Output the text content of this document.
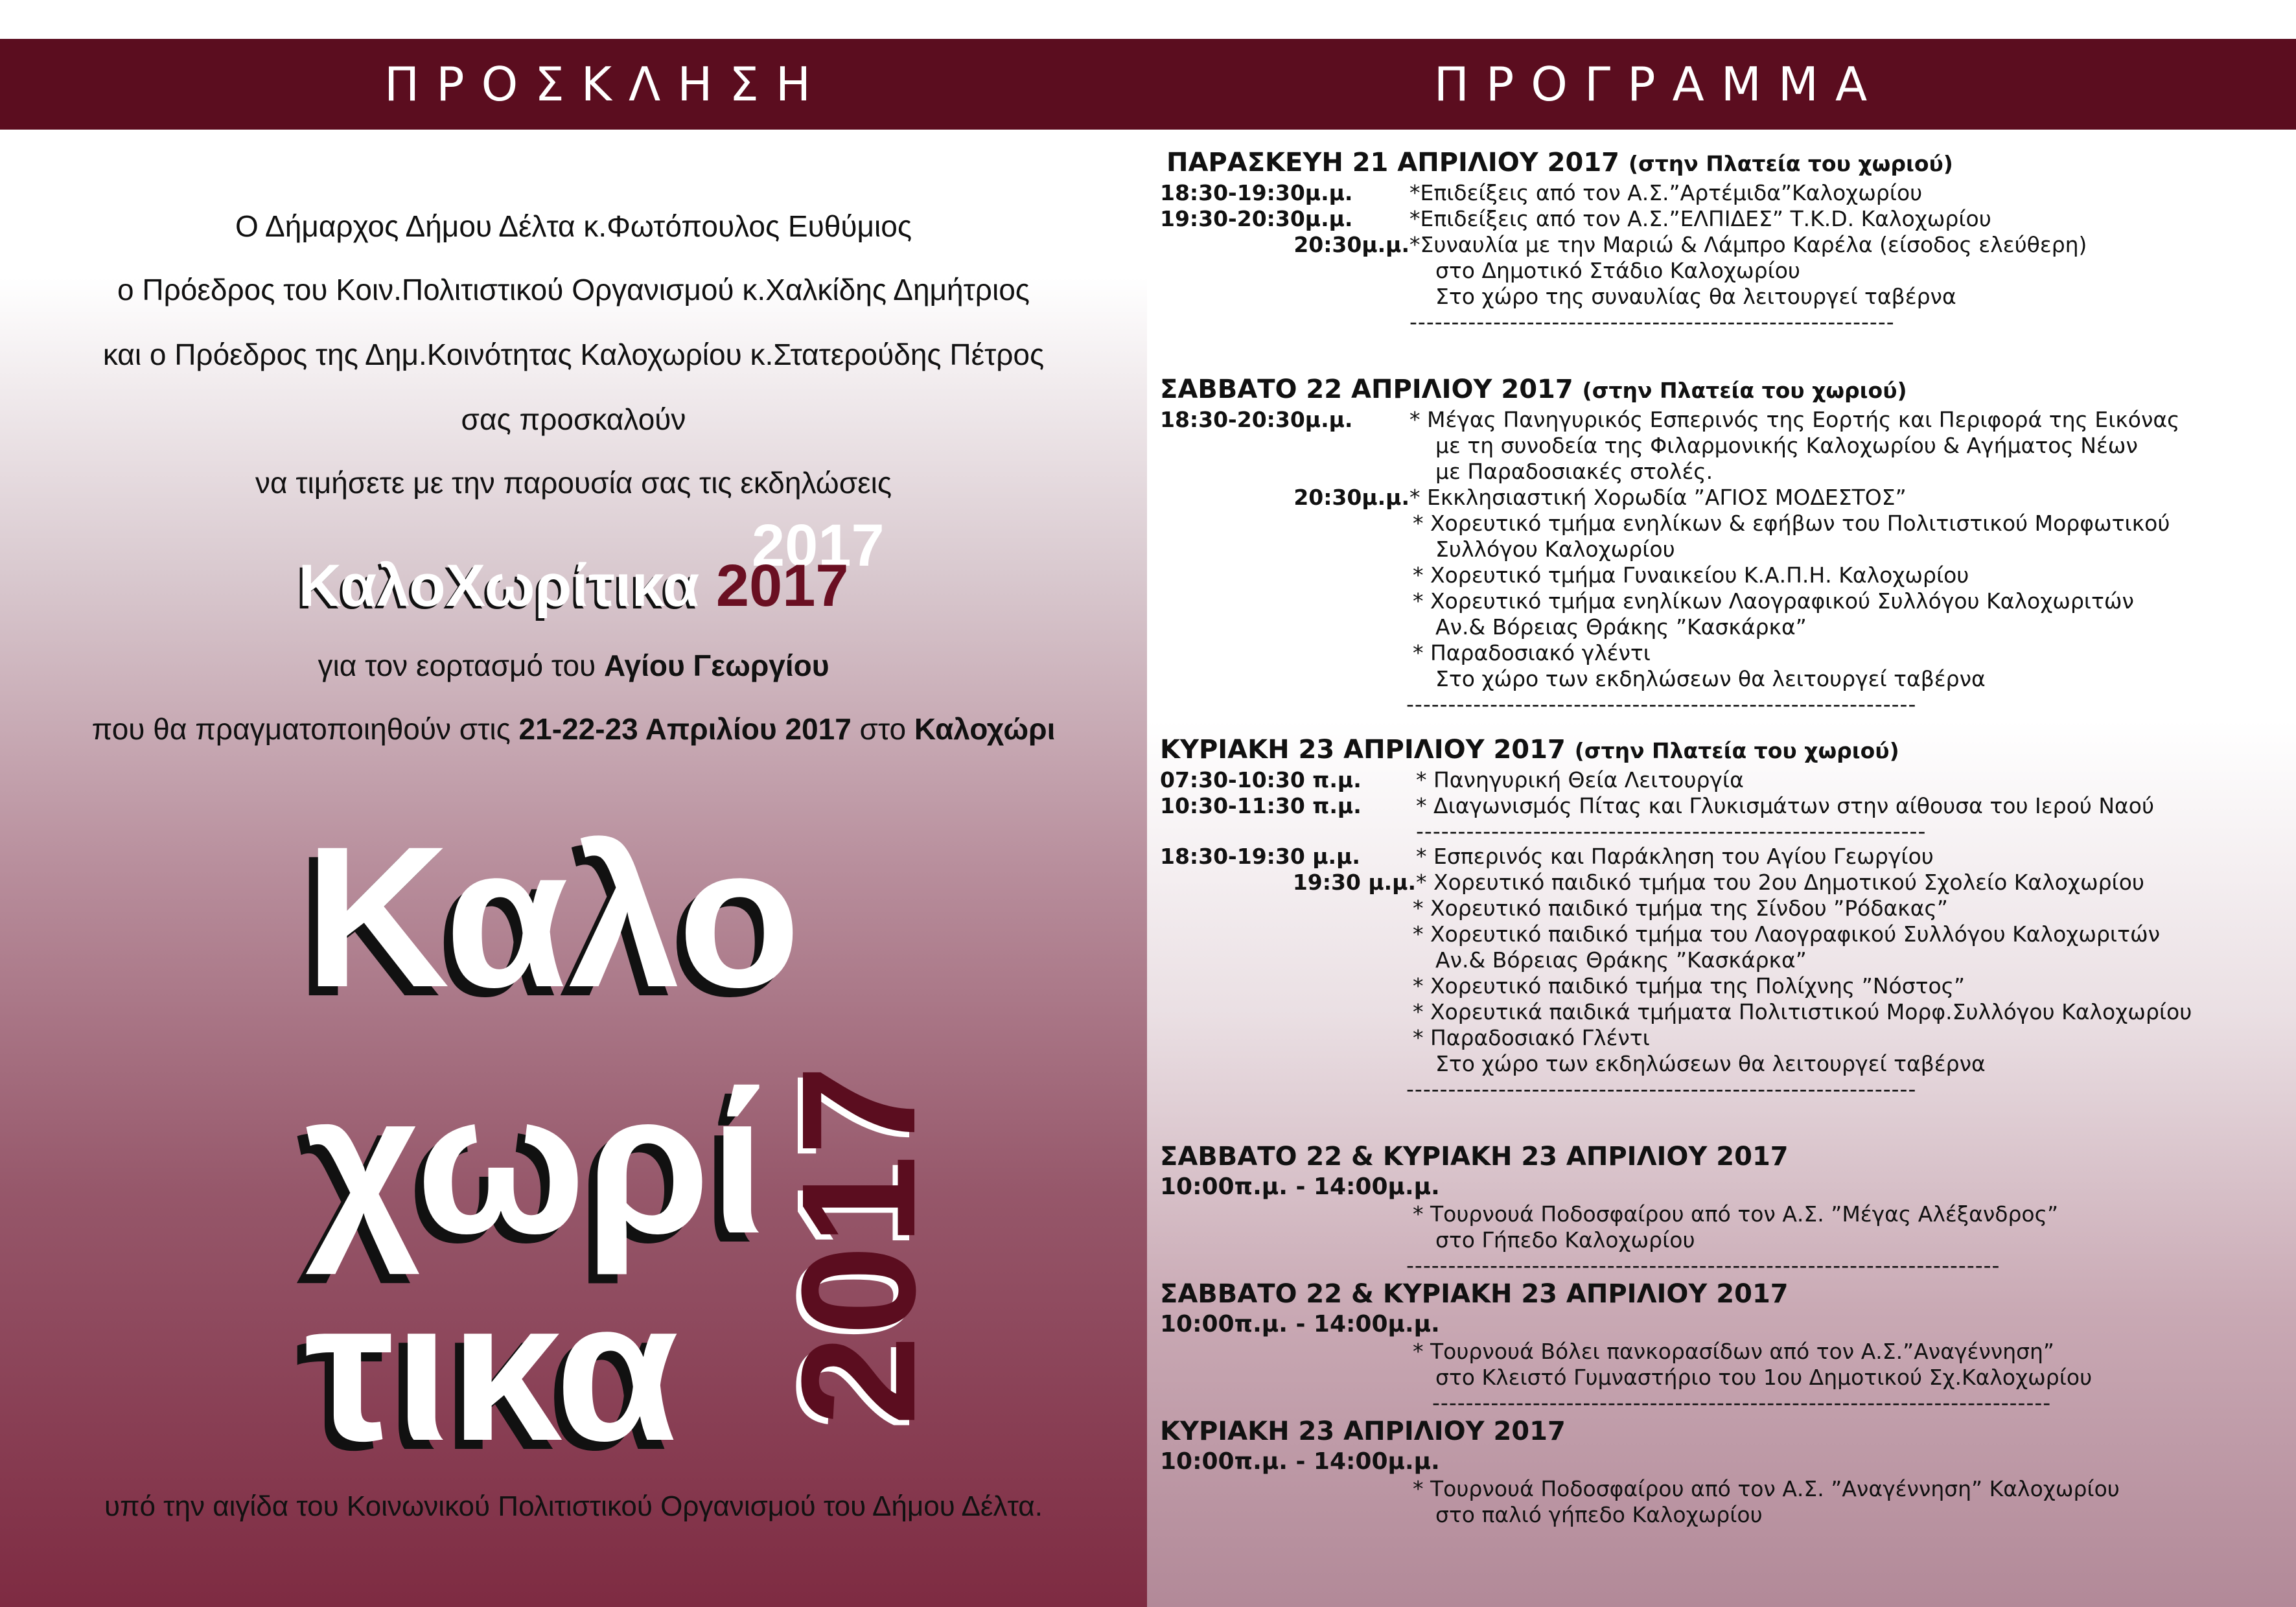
ΠΡΟΣΚΛΗΣΗ	ΠΡΟΓΡΑΜΜΑ
Ο Δήμαρχος Δήμου Δέλτα κ.Φωτόπουλος Ευθύμιος
ο Πρόεδρος του Κοιν.Πολιτιστικού Οργανισμού κ.Χαλκίδης Δημήτριος
και ο Πρόεδρος της Δημ.Κοινότητας Καλοχωρίου κ.Στατερούδης Πέτρος
σας προσκαλούν
να τιμήσετε με την παρουσία σας τις εκδηλώσεις
2017
ΚαλοΧωρίτικα 2017
για τον εορτασμό του Αγίου Γεωργίου
που θα πραγματοποιηθούν στις 21-22-23 Απριλίου 2017 στο Καλοχώρι
Καλο
χωρί
τικα 2017
υπό την αιγίδα του Κοινωνικού Πολιτιστικού Οργανισμού του Δήμου Δέλτα.
ΠΑΡΑΣΚΕΥΗ 21 ΑΠΡΙΛΙΟΥ 2017 (στην Πλατεία του χωριού)
18:30-19:30μ.μ.	*Επιδείξεις από τον Α.Σ.”Αρτέμιδα”Καλοχωρίου
19:30-20:30μ.μ.	*Επιδείξεις από τον Α.Σ.”ΕΛΠΙΔΕΣ” Τ.Κ.D. Καλοχωρίου
20:30μ.μ. *Συναυλία με την Μαριώ & Λάμπρο Καρέλα (είσοδος ελεύθερη)
στο Δημοτικό Στάδιο Καλοχωρίου
Στο χώρο της συναυλίας θα λειτουργεί ταβέρνα
----------------------------------------------------------
ΣΑΒΒΑΤΟ 22 ΑΠΡΙΛΙΟΥ 2017 (στην Πλατεία του χωριού)
18:30-20:30μ.μ.	* Μέγας Πανηγυρικός Εσπερινός της Εορτής και Περιφορά της Εικόνας
με τη συνοδεία της Φιλαρμονικής Καλοχωρίου & Αγήματος Νέων
με Παραδοσιακές στολές.
20:30μ.μ. * Εκκλησιαστική Χορωδία ”ΑΓΙΟΣ ΜΟΔΕΣΤΟΣ”
* Χορευτικό τμήμα ενηλίκων & εφήβων του Πολιτιστικού Μορφωτικού
Συλλόγου Καλοχωρίου
* Χορευτικό τμήμα Γυναικείου Κ.Α.Π.Η. Καλοχωρίου
* Χορευτικό τμήμα ενηλίκων Λαογραφικού Συλλόγου Καλοχωριτών
Αν.& Βόρειας Θράκης ”Κασκάρκα”
* Παραδοσιακό γλέντι
Στο χώρο των εκδηλώσεων θα λειτουργεί ταβέρνα
-------------------------------------------------------------
ΚΥΡΙΑΚΗ 23 ΑΠΡΙΛΙΟΥ 2017 (στην Πλατεία του χωριού)
07:30-10:30 π.μ.	* Πανηγυρική Θεία Λειτουργία
10:30-11:30 π.μ.	* Διαγωνισμός Πίτας και Γλυκισμάτων στην αίθουσα του Ιερού Ναού
-------------------------------------------------------------
18:30-19:30 μ.μ.	* Εσπερινός και Παράκληση του Αγίου Γεωργίου
19:30 μ.μ. * Χορευτικό παιδικό τμήμα του 2ου Δημοτικού Σχολείο Καλοχωρίου
* Χορευτικό παιδικό τμήμα της Σίνδου ”Ρόδακας”
* Χορευτικό παιδικό τμήμα του Λαογραφικού Συλλόγου Καλοχωριτών
Αν.& Βόρειας Θράκης ”Κασκάρκα”
* Χορευτικό παιδικό τμήμα της Πολίχνης ”Νόστος”
* Χορευτικά παιδικά τμήματα Πολιτιστικού Μορφ.Συλλόγου Καλοχωρίου
* Παραδοσιακό Γλέντι
Στο χώρο των εκδηλώσεων θα λειτουργεί ταβέρνα
-------------------------------------------------------------
ΣΑΒΒΑΤΟ 22 & ΚΥΡΙΑΚΗ 23 ΑΠΡΙΛΙΟΥ 2017
10:00π.μ. - 14:00μ.μ.
* Τουρνουά Ποδοσφαίρου από τον Α.Σ. ”Μέγας Αλέξανδρος”
στο Γήπεδο Καλοχωρίου
-----------------------------------------------------------------------
ΣΑΒΒΑΤΟ 22 & ΚΥΡΙΑΚΗ 23 ΑΠΡΙΛΙΟΥ 2017
10:00π.μ. - 14:00μ.μ.
* Τουρνουά Βόλει πανκορασίδων από τον Α.Σ.”Αναγέννηση”
στο Κλειστό Γυμναστήριο του 1ου Δημοτικού Σχ.Καλοχωρίου
--------------------------------------------------------------------------
ΚΥΡΙΑΚΗ 23 ΑΠΡΙΛΙΟΥ 2017
10:00π.μ. - 14:00μ.μ.
* Τουρνουά Ποδοσφαίρου από τον Α.Σ. ”Αναγέννηση” Καλοχωρίου
στο παλιό γήπεδο Καλοχωρίου
